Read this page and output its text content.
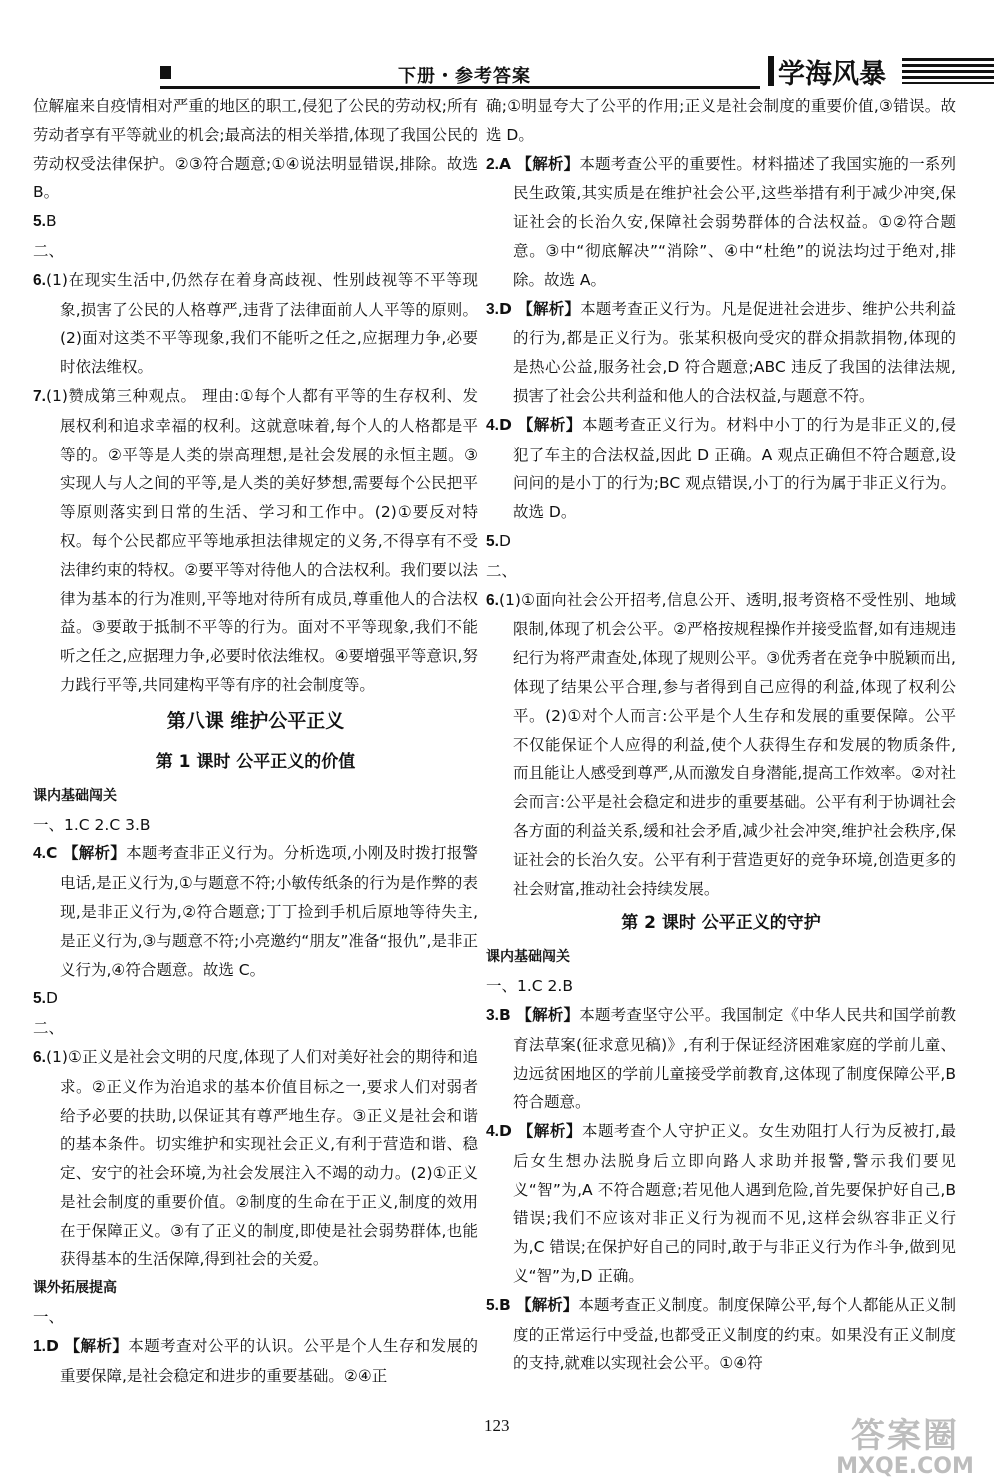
下册・参考答案	学海风暴

位解雇来自疫情相对严重的地区的职工,侵犯了公民的劳动权;所有劳动者享有平等就业的机会;最高法的相关举措,体现了我国公民的劳动权受法律保护。②③符合题意;①④说法明显错误,排除。故选 B。

5.B

二、

6.(1)在现实生活中,仍然存在着身高歧视、性别歧视等不平等现象,损害了公民的人格尊严,违背了法律面前人人平等的原则。(2)面对这类不平等现象,我们不能听之任之,应据理力争,必要时依法维权。

7.(1)赞成第三种观点。 理由:①每个人都有平等的生存权利、发展权利和追求幸福的权利。这就意味着,每个人的人格都是平等的。②平等是人类的崇高理想,是社会发展的永恒主题。③实现人与人之间的平等,是人类的美好梦想,需要每个公民把平等原则落实到日常的生活、学习和工作中。(2)①要反对特权。每个公民都应平等地承担法律规定的义务,不得享有不受法律约束的特权。②要平等对待他人的合法权利。我们要以法律为基本的行为准则,平等地对待所有成员,尊重他人的合法权益。③要敢于抵制不平等的行为。面对不平等现象,我们不能听之任之,应据理力争,必要时依法维权。④要增强平等意识,努力践行平等,共同建构平等有序的社会制度等。

第八课 维护公平正义
第 1 课时 公平正义的价值
课内基础闯关

一、1.C 2.C 3.B

4.C 【解析】本题考查非正义行为。分析选项,小刚及时拨打报警电话,是正义行为,①与题意不符;小敏传纸条的行为是作弊的表现,是非正义行为,②符合题意;丁丁捡到手机后原地等待失主,是正义行为,③与题意不符;小亮邀约“朋友”准备“报仇”,是非正义行为,④符合题意。故选 C。

5.D

二、

6.(1)①正义是社会文明的尺度,体现了人们对美好社会的期待和追求。②正义作为治追求的基本价值目标之一,要求人们对弱者给予必要的扶助,以保证其有尊严地生存。③正义是社会和谐的基本条件。切实维护和实现社会正义,有利于营造和谐、稳定、安宁的社会环境,为社会发展注入不竭的动力。(2)①正义是社会制度的重要价值。②制度的生命在于正义,制度的效用在于保障正义。③有了正义的制度,即使是社会弱势群体,也能获得基本的生活保障,得到社会的关爱。

课外拓展提高

一、

1.D 【解析】本题考查对公平的认识。公平是个人生存和发展的重要保障,是社会稳定和进步的重要基础。②④正

确;①明显夸大了公平的作用;正义是社会制度的重要价值,③错误。故选 D。

2.A 【解析】本题考查公平的重要性。材料描述了我国实施的一系列民生政策,其实质是在维护社会公平,这些举措有利于减少冲突,保证社会的长治久安,保障社会弱势群体的合法权益。①②符合题意。③中“彻底解决”“消除”、④中“杜绝”的说法均过于绝对,排除。故选 A。

3.D 【解析】本题考查正义行为。凡是促进社会进步、维护公共利益的行为,都是正义行为。张某积极向受灾的群众捐款捐物,体现的是热心公益,服务社会,D 符合题意;ABC 违反了我国的法律法规,损害了社会公共利益和他人的合法权益,与题意不符。

4.D 【解析】本题考查正义行为。材料中小丁的行为是非正义的,侵犯了车主的合法权益,因此 D 正确。A 观点正确但不符合题意,设问问的是小丁的行为;BC 观点错误,小丁的行为属于非正义行为。故选 D。

5.D

二、

6.(1)①面向社会公开招考,信息公开、透明,报考资格不受性别、地域限制,体现了机会公平。②严格按规程操作并接受监督,如有违规违纪行为将严肃查处,体现了规则公平。③优秀者在竞争中脱颖而出,体现了结果公平合理,参与者得到自己应得的利益,体现了权利公平。(2)①对个人而言:公平是个人生存和发展的重要保障。公平不仅能保证个人应得的利益,使个人获得生存和发展的物质条件,而且能让人感受到尊严,从而激发自身潜能,提高工作效率。②对社会而言:公平是社会稳定和进步的重要基础。公平有利于协调社会各方面的利益关系,缓和社会矛盾,减少社会冲突,维护社会秩序,保证社会的长治久安。公平有利于营造更好的竞争环境,创造更多的社会财富,推动社会持续发展。

第 2 课时 公平正义的守护
课内基础闯关

一、1.C 2.B

3.B 【解析】本题考查坚守公平。我国制定《中华人民共和国学前教育法草案(征求意见稿)》,有利于保证经济困难家庭的学前儿童、边远贫困地区的学前儿童接受学前教育,这体现了制度保障公平,B 符合题意。

4.D 【解析】本题考查个人守护正义。女生劝阻打人行为反被打,最后女生想办法脱身后立即向路人求助并报警,警示我们要见义“智”为,A 不符合题意;若见他人遇到危险,首先要保护好自己,B 错误;我们不应该对非正义行为视而不见,这样会纵容非正义行为,C 错误;在保护好自己的同时,敢于与非正义行为作斗争,做到见义“智”为,D 正确。

5.B 【解析】本题考查正义制度。制度保障公平,每个人都能从正义制度的正常运行中受益,也都受正义制度的约束。如果没有正义制度的支持,就难以实现社会公平。①④符

123	答案圈
MXQE.COM
